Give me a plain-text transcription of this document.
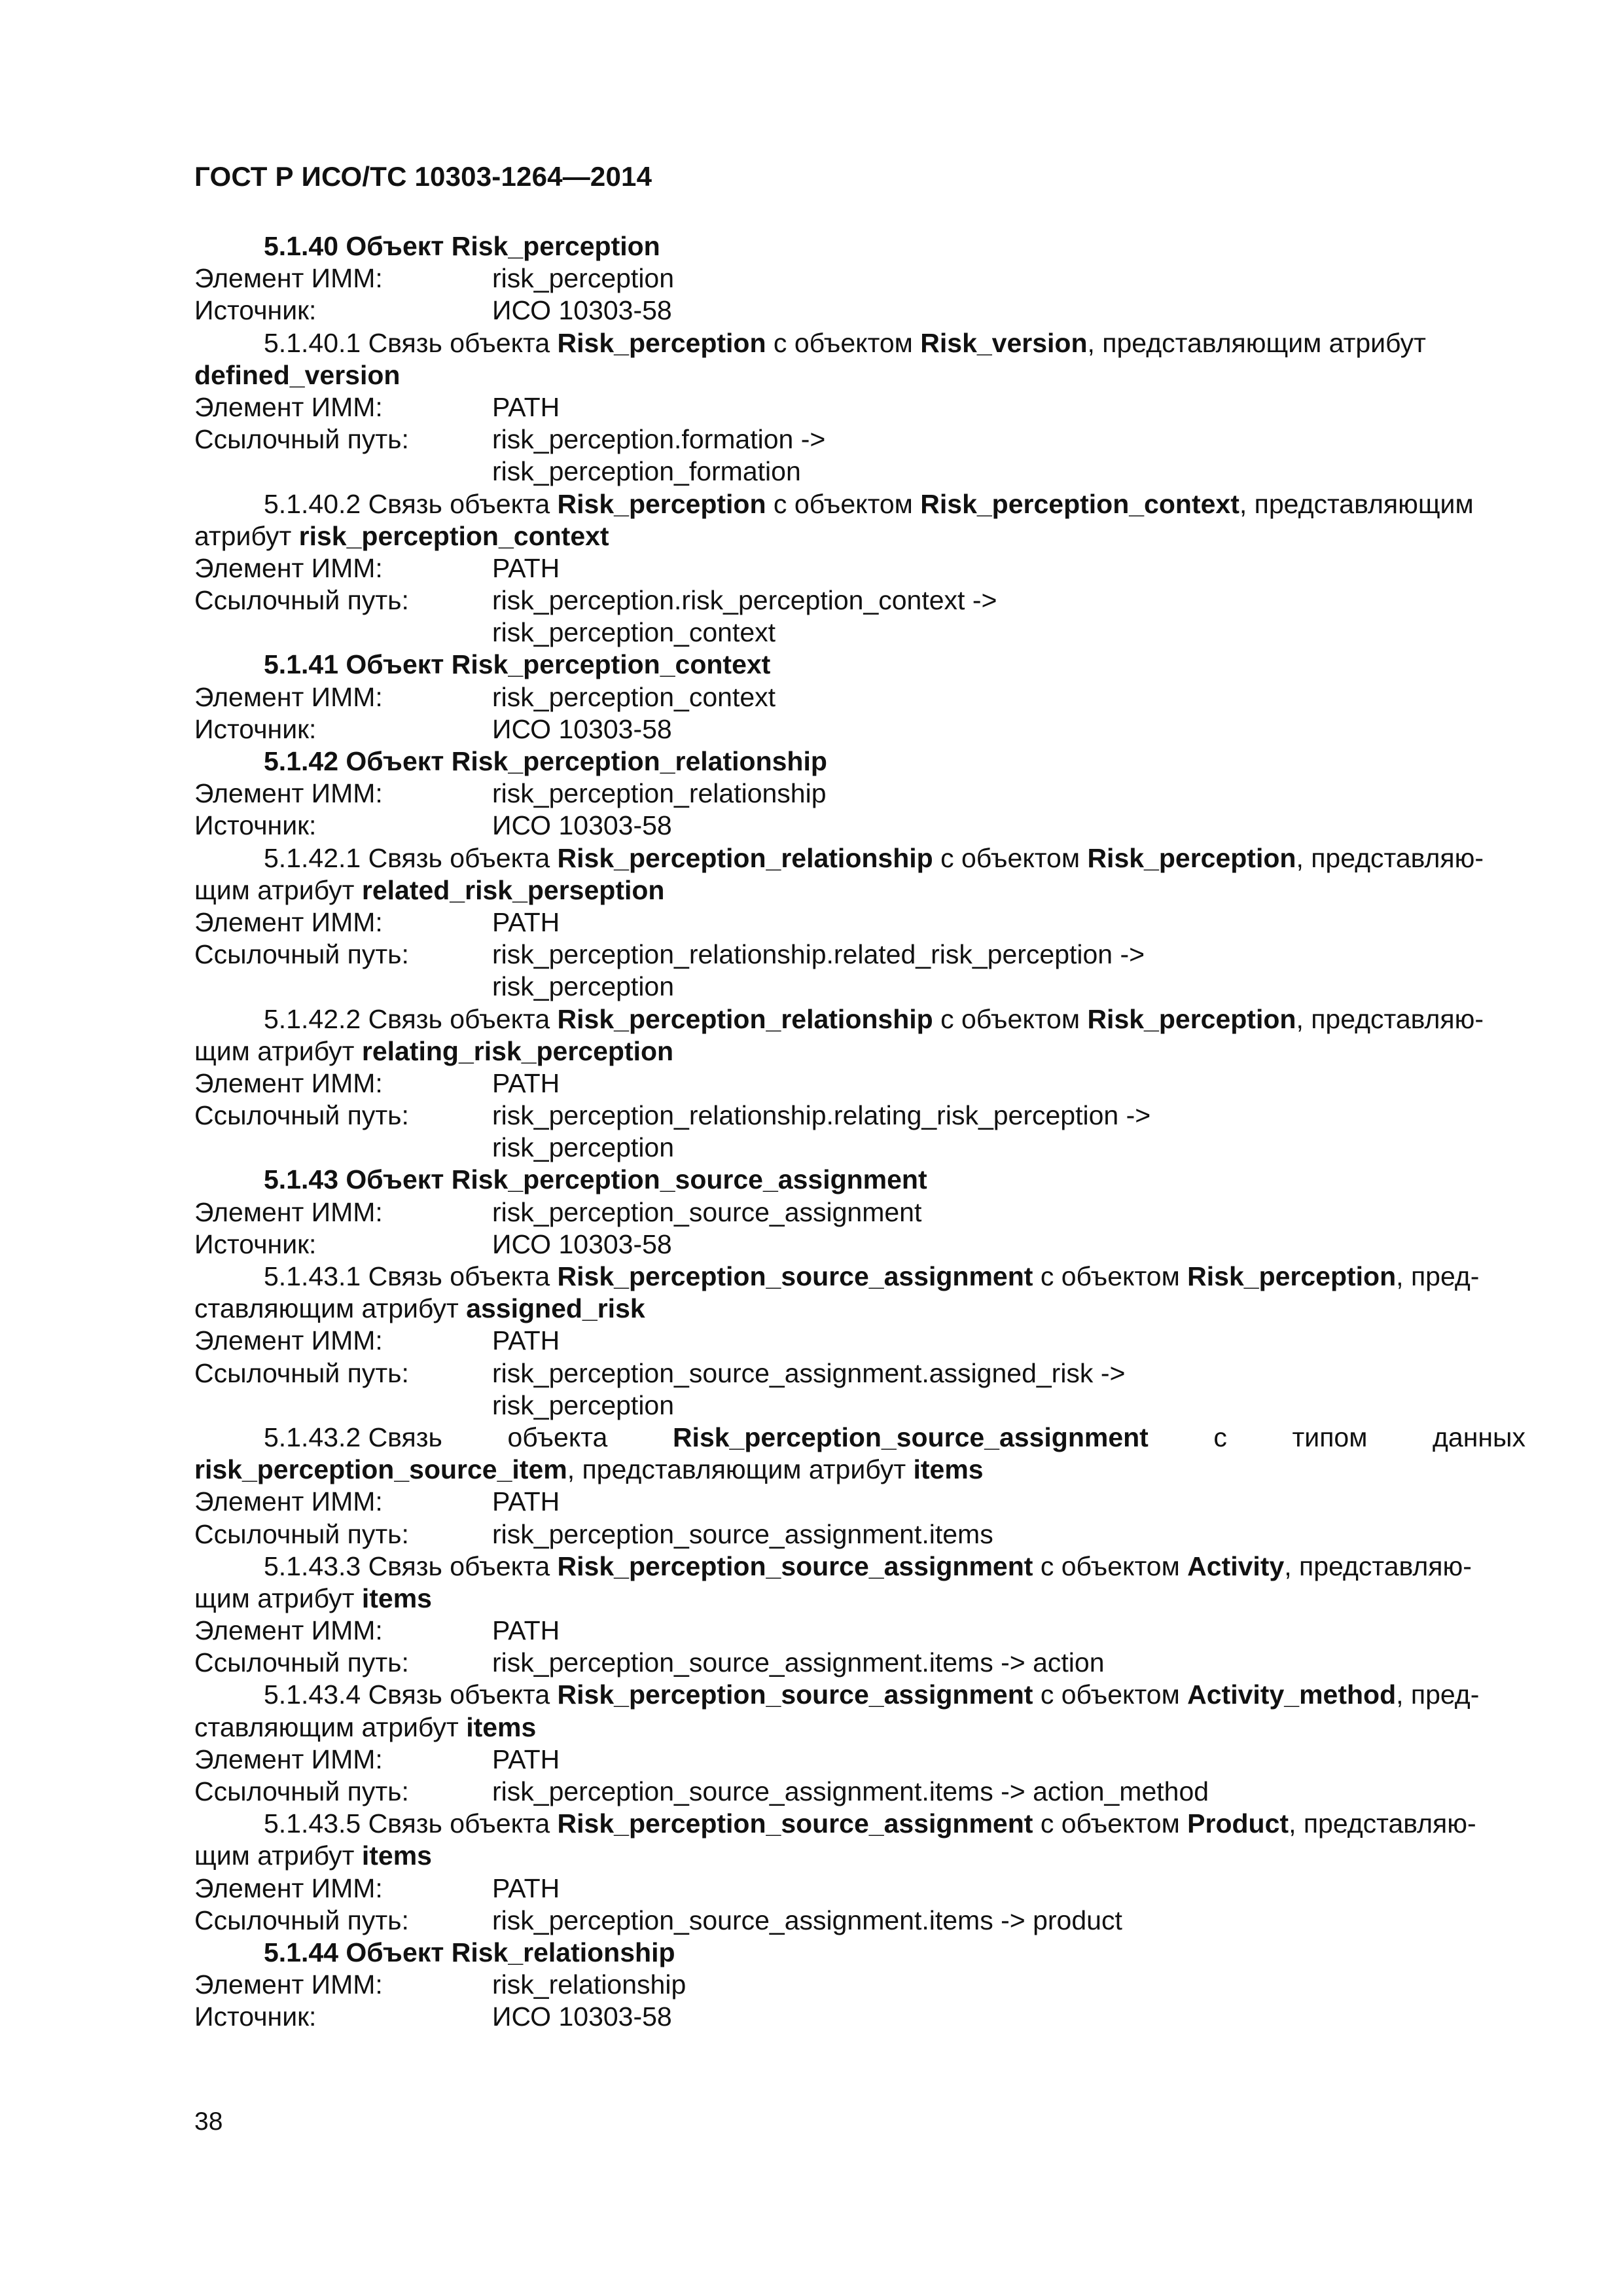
ГОСТ Р ИСО/ТС 10303-1264—2014
5.1.40 Объект Risk_perception
Элемент ИММ:	risk_perception
Источник:	ИСО 10303-58
5.1.40.1 Связь объекта Risk_perception с объектом Risk_version, представляющим атрибут
defined_version
Элемент ИММ:	PATH
Ссылочный путь:	risk_perception.formation ->
risk_perception_formation
5.1.40.2 Связь объекта Risk_perception с объектом Risk_perception_context, представляющим
атрибут risk_perception_context
Элемент ИММ:	PATH
Ссылочный путь:	risk_perception.risk_perception_context ->
risk_perception_context
5.1.41 Объект Risk_perception_context
Элемент ИММ:	risk_perception_context
Источник:	ИСО 10303-58
5.1.42 Объект Risk_perception_relationship
Элемент ИММ:	risk_perception_relationship
Источник:	ИСО 10303-58
5.1.42.1 Связь объекта Risk_perception_relationship с объектом Risk_perception, представляю-
щим атрибут related_risk_perseption
Элемент ИММ:	PATH
Ссылочный путь:	risk_perception_relationship.related_risk_perception ->
risk_perception
5.1.42.2 Связь объекта Risk_perception_relationship с объектом Risk_perception, представляю-
щим атрибут relating_risk_perception
Элемент ИММ:	PATH
Ссылочный путь:	risk_perception_relationship.relating_risk_perception ->
risk_perception
5.1.43 Объект Risk_perception_source_assignment
Элемент ИММ:	risk_perception_source_assignment
Источник:	ИСО 10303-58
5.1.43.1 Связь объекта Risk_perception_source_assignment с объектом Risk_perception, пред-
ставляющим атрибут assigned_risk
Элемент ИММ:	PATH
Ссылочный путь:	risk_perception_source_assignment.assigned_risk ->
risk_perception
5.1.43.2 Связь объекта Risk_perception_source_assignment с типом данных
risk_perception_source_item, представляющим атрибут items
Элемент ИММ:	PATH
Ссылочный путь:	risk_perception_source_assignment.items
5.1.43.3 Связь объекта Risk_perception_source_assignment с объектом Activity, представляю-
щим атрибут items
Элемент ИММ:	PATH
Ссылочный путь:	risk_perception_source_assignment.items -> action
5.1.43.4 Связь объекта Risk_perception_source_assignment с объектом Activity_method, пред-
ставляющим атрибут items
Элемент ИММ:	PATH
Ссылочный путь:	risk_perception_source_assignment.items -> action_method
5.1.43.5 Связь объекта Risk_perception_source_assignment с объектом Product, представляю-
щим атрибут items
Элемент ИММ:	PATH
Ссылочный путь:	risk_perception_source_assignment.items -> product
5.1.44 Объект Risk_relationship
Элемент ИММ:	risk_relationship
Источник:	ИСО 10303-58
38
